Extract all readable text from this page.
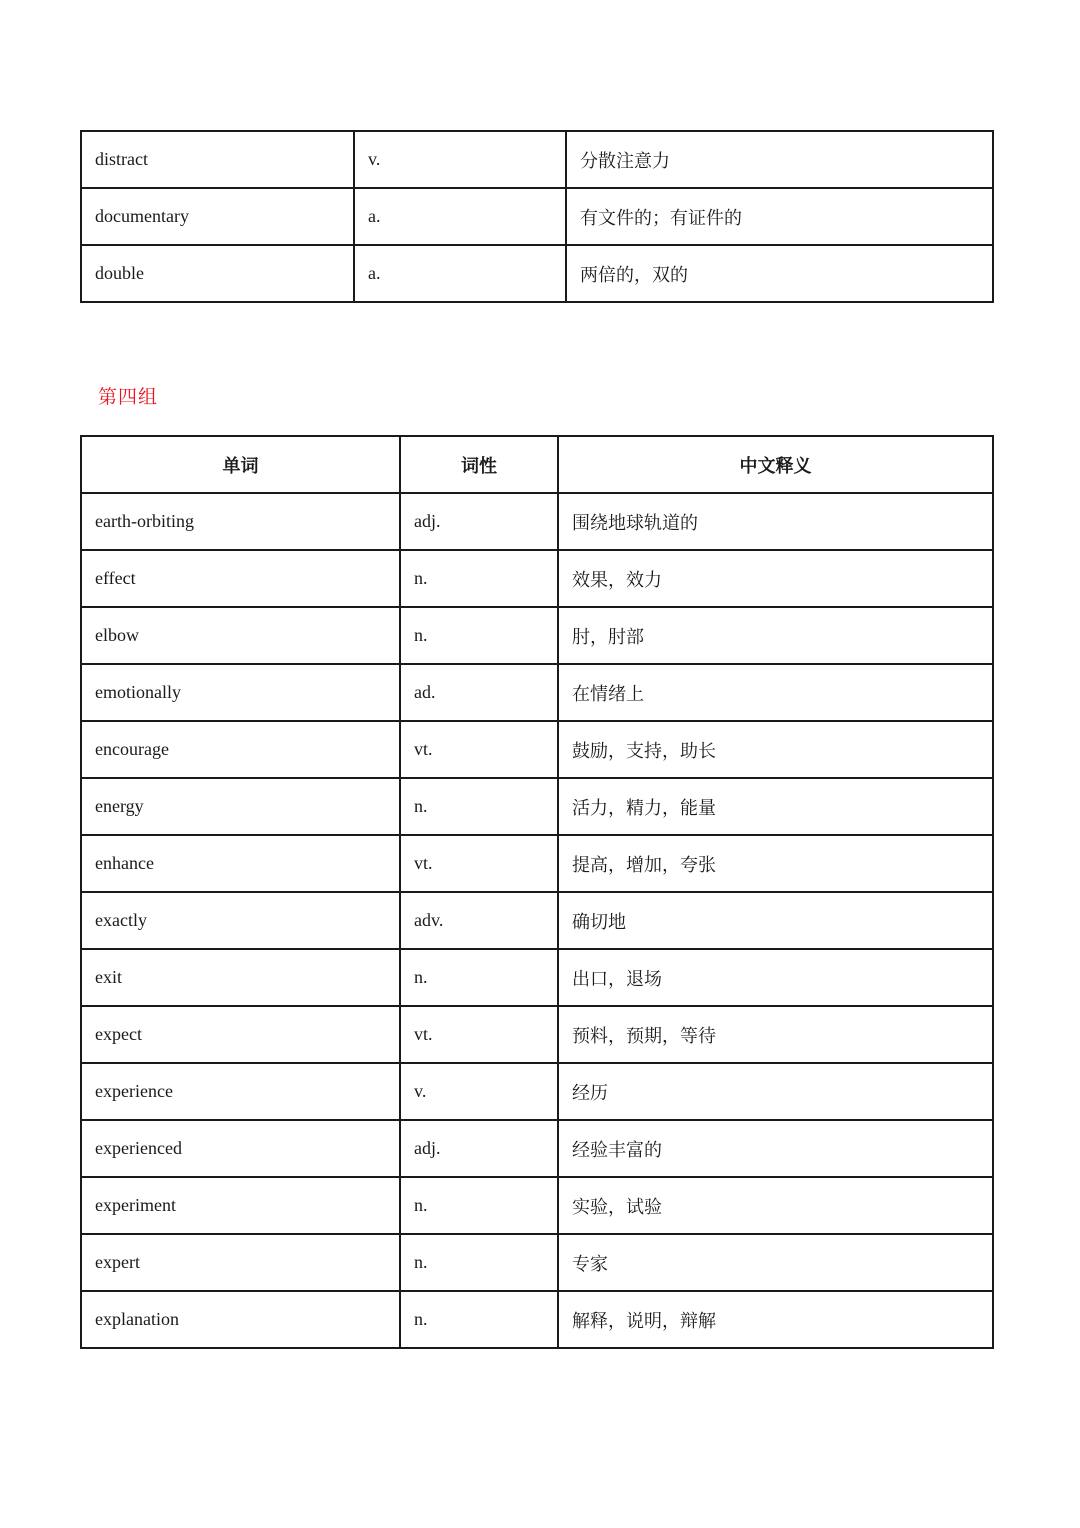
distract	v.	分散注意力
documentary	a.	有文件的；有证件的
double	a.	两倍的，双的
第四组
单词	词性	中文释义
earth-orbiting	adj.	围绕地球轨道的
effect	n.	效果，效力
elbow	n.	肘，肘部
emotionally	ad.	在情绪上
encourage	vt.	鼓励，支持，助长
energy	n.	活力，精力，能量
enhance	vt.	提高，增加，夸张
exactly	adv.	确切地
exit	n.	出口，退场
expect	vt.	预料，预期，等待
experience	v.	经历
experienced	adj.	经验丰富的
experiment	n.	实验，试验
expert	n.	专家
explanation	n.	解释，说明，辩解
